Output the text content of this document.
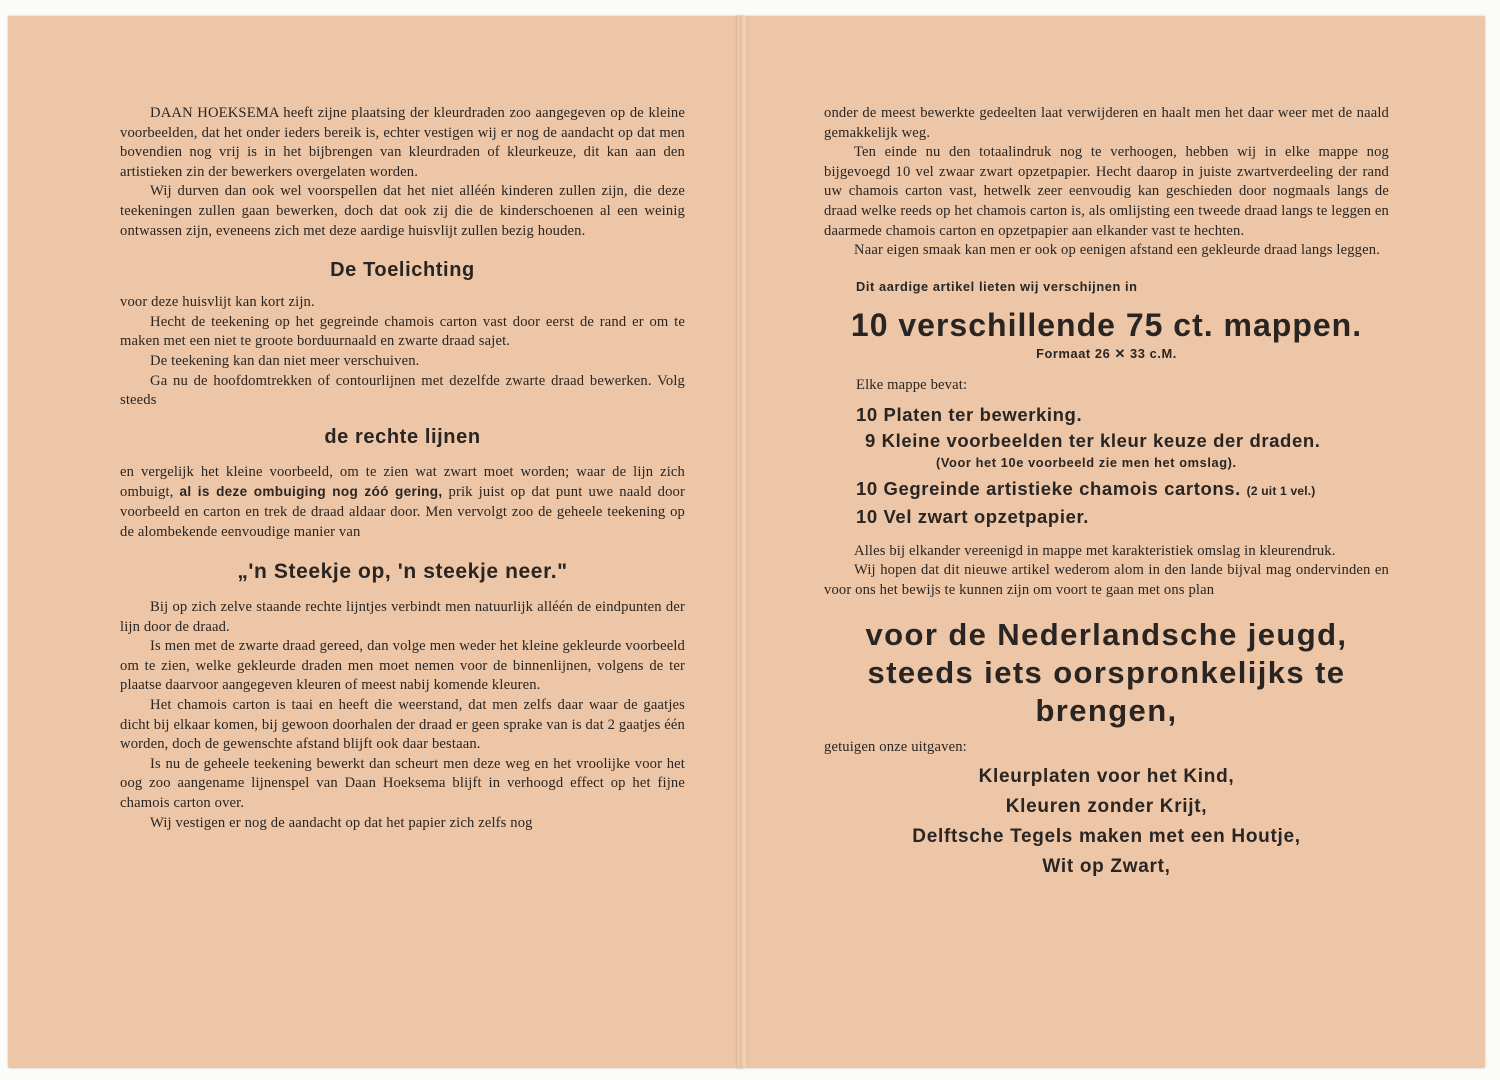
DAAN HOEKSEMA heeft zijne plaatsing der kleurdraden zoo aangegeven op de kleine voorbeelden, dat het onder ieders bereik is, echter vestigen wij er nog de aandacht op dat men bovendien nog vrij is in het bijbrengen van kleurdraden of kleurkeuze, dit kan aan den artistieken zin der bewerkers overgelaten worden.

Wij durven dan ook wel voorspellen dat het niet alléén kinderen zullen zijn, die deze teekeningen zullen gaan bewerken, doch dat ook zij die de kinderschoenen al een weinig ontwassen zijn, eveneens zich met deze aardige huisvlijt zullen bezig houden.

De Toelichting

voor deze huisvlijt kan kort zijn.

Hecht de teekening op het gegreinde chamois carton vast door eerst de rand er om te maken met een niet te groote borduurnaald en zwarte draad sajet.

De teekening kan dan niet meer verschuiven.

Ga nu de hoofdomtrekken of contourlijnen met dezelfde zwarte draad bewerken. Volg steeds

de rechte lijnen

en vergelijk het kleine voorbeeld, om te zien wat zwart moet worden; waar de lijn zich ombuigt, al is deze ombuiging nog zóó gering, prik juist op dat punt uwe naald door voorbeeld en carton en trek de draad aldaar door. Men vervolgt zoo de geheele teekening op de alombekende eenvoudige manier van

„'n Steekje op, 'n steekje neer."

Bij op zich zelve staande rechte lijntjes verbindt men natuurlijk alléén de eindpunten der lijn door de draad.

Is men met de zwarte draad gereed, dan volge men weder het kleine gekleurde voorbeeld om te zien, welke gekleurde draden men moet nemen voor de binnenlijnen, volgens de ter plaatse daarvoor aangegeven kleuren of meest nabij komende kleuren.

Het chamois carton is taai en heeft die weerstand, dat men zelfs daar waar de gaatjes dicht bij elkaar komen, bij gewoon doorhalen der draad er geen sprake van is dat 2 gaatjes één worden, doch de gewenschte afstand blijft ook daar bestaan.

Is nu de geheele teekening bewerkt dan scheurt men deze weg en het vroolijke voor het oog zoo aangename lijnenspel van Daan Hoeksema blijft in verhoogd effect op het fijne chamois carton over.

Wij vestigen er nog de aandacht op dat het papier zich zelfs nog

onder de meest bewerkte gedeelten laat verwijderen en haalt men het daar weer met de naald gemakkelijk weg.

Ten einde nu den totaalindruk nog te verhoogen, hebben wij in elke mappe nog bijgevoegd 10 vel zwaar zwart opzetpapier. Hecht daarop in juiste zwartverdeeling der rand uw chamois carton vast, hetwelk zeer eenvoudig kan geschieden door nogmaals langs de draad welke reeds op het chamois carton is, als omlijsting een tweede draad langs te leggen en daarmede chamois carton en opzetpapier aan elkander vast te hechten.

Naar eigen smaak kan men er ook op eenigen afstand een gekleurde draad langs leggen.

Dit aardige artikel lieten wij verschijnen in
10 verschillende 75 ct. mappen.
Formaat 26 ✕ 33 c.M.

Elke mappe bevat:

10 Platen ter bewerking.
9 Kleine voorbeelden ter kleur keuze der draden.
(Voor het 10e voorbeeld zie men het omslag).
10 Gegreinde artistieke chamois cartons. (2 uit 1 vel.)
10 Vel zwart opzetpapier.

Alles bij elkander vereenigd in mappe met karakteristiek omslag in kleurendruk.

Wij hopen dat dit nieuwe artikel wederom alom in den lande bijval mag ondervinden en voor ons het bewijs te kunnen zijn om voort te gaan met ons plan

voor de Nederlandsche jeugd, steeds iets oorspronkelijks te brengen,

getuigen onze uitgaven:

Kleurplaten voor het Kind,
Kleuren zonder Krijt,
Delftsche Tegels maken met een Houtje,
Wit op Zwart,
